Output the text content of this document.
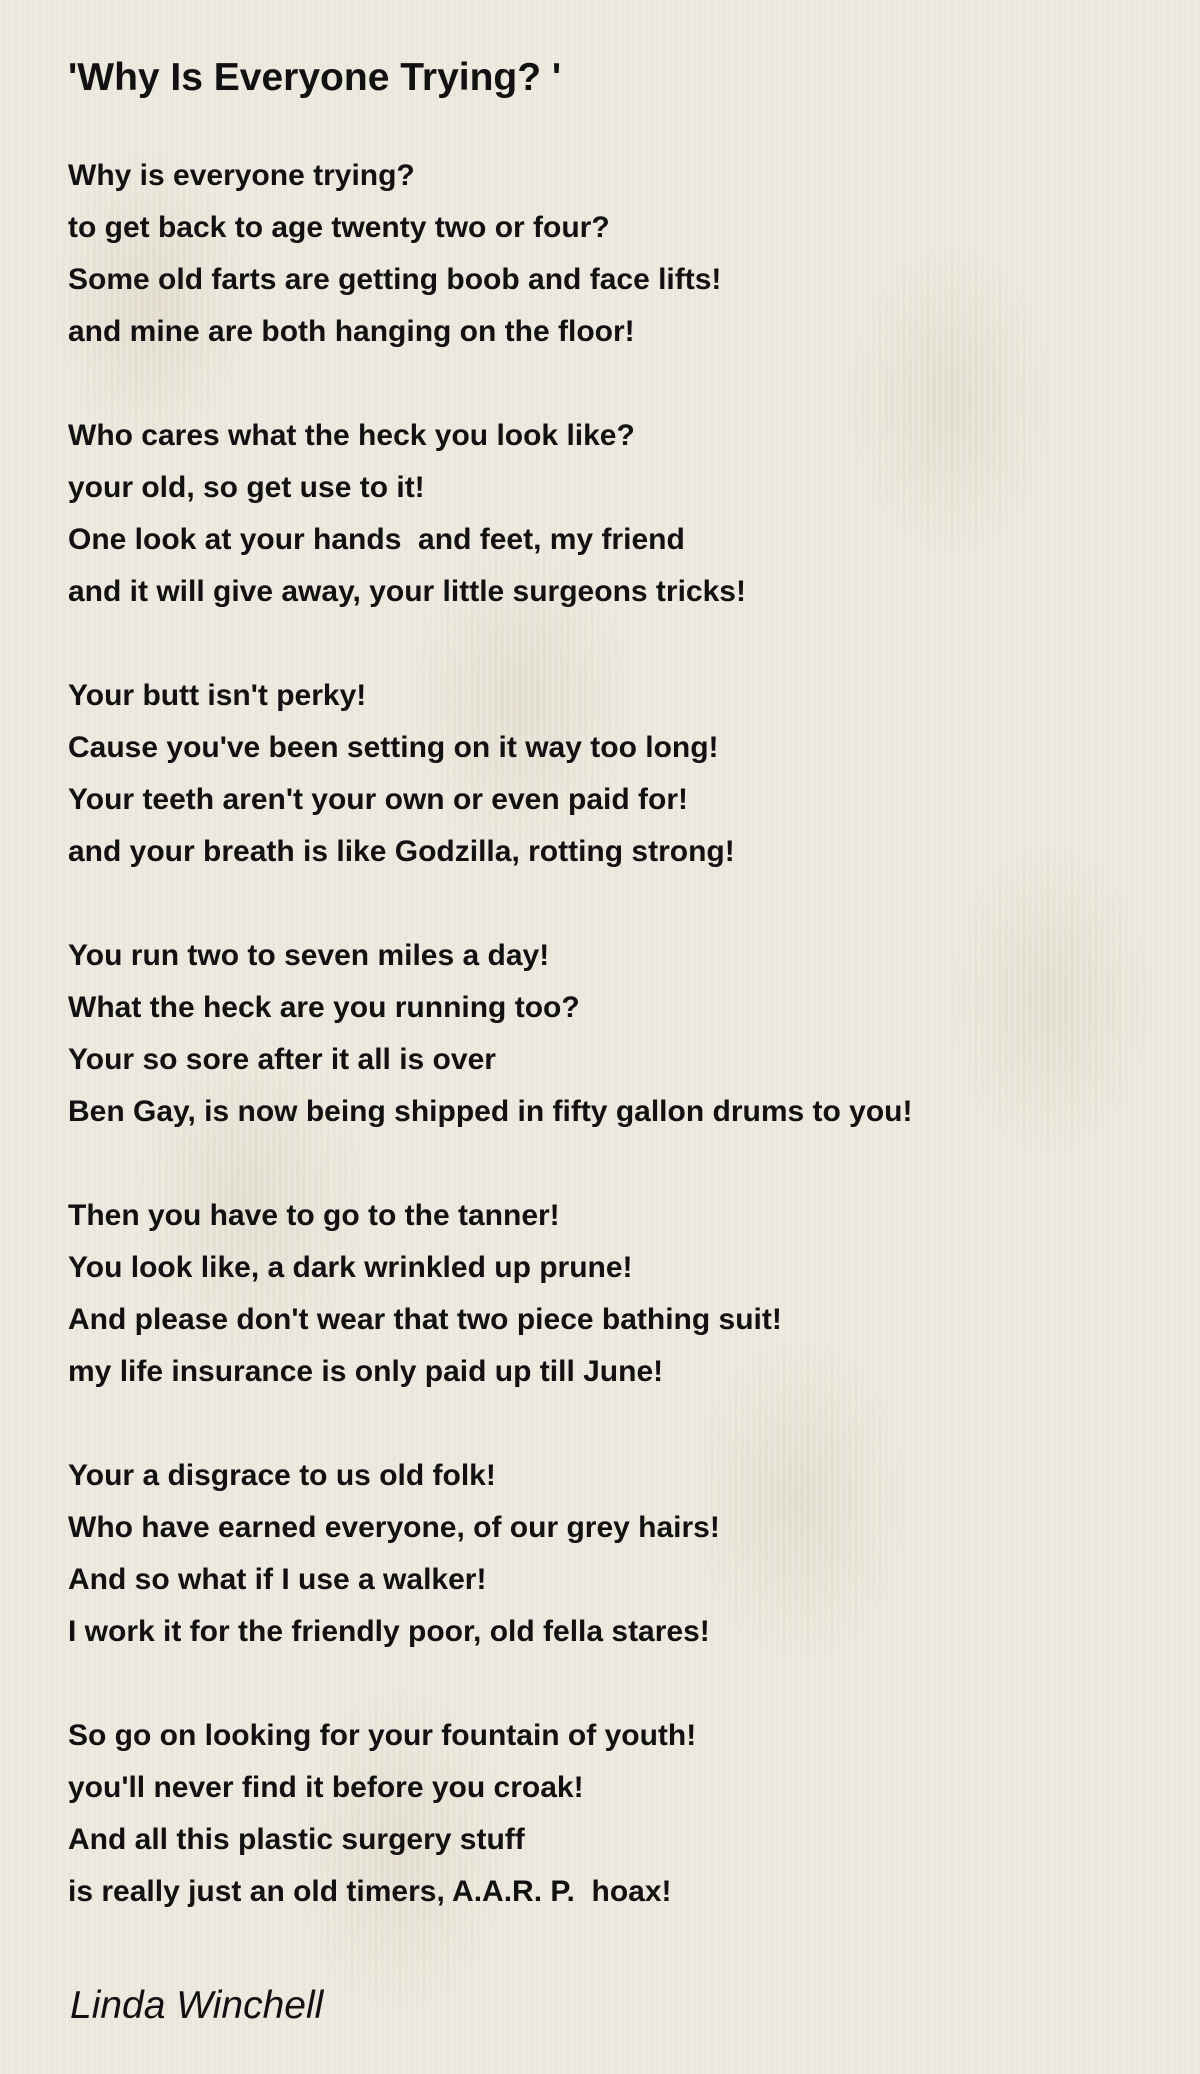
'Why Is Everyone Trying? '
Why is everyone trying?
to get back to age twenty two or four?
Some old farts are getting boob and face lifts!
and mine are both hanging on the floor!
Who cares what the heck you look like?
your old, so get use to it!
One look at your hands  and feet, my friend
and it will give away, your little surgeons tricks!
Your butt isn't perky!
Cause you've been setting on it way too long!
Your teeth aren't your own or even paid for!
and your breath is like Godzilla, rotting strong!
You run two to seven miles a day!
What the heck are you running too?
Your so sore after it all is over
Ben Gay, is now being shipped in fifty gallon drums to you!
Then you have to go to the tanner!
You look like, a dark wrinkled up prune!
And please don't wear that two piece bathing suit!
my life insurance is only paid up till June!
Your a disgrace to us old folk!
Who have earned everyone, of our grey hairs!
And so what if I use a walker!
I work it for the friendly poor, old fella stares!
So go on looking for your fountain of youth!
you'll never find it before you croak!
And all this plastic surgery stuff
is really just an old timers, A.A.R. P.  hoax!
Linda Winchell
